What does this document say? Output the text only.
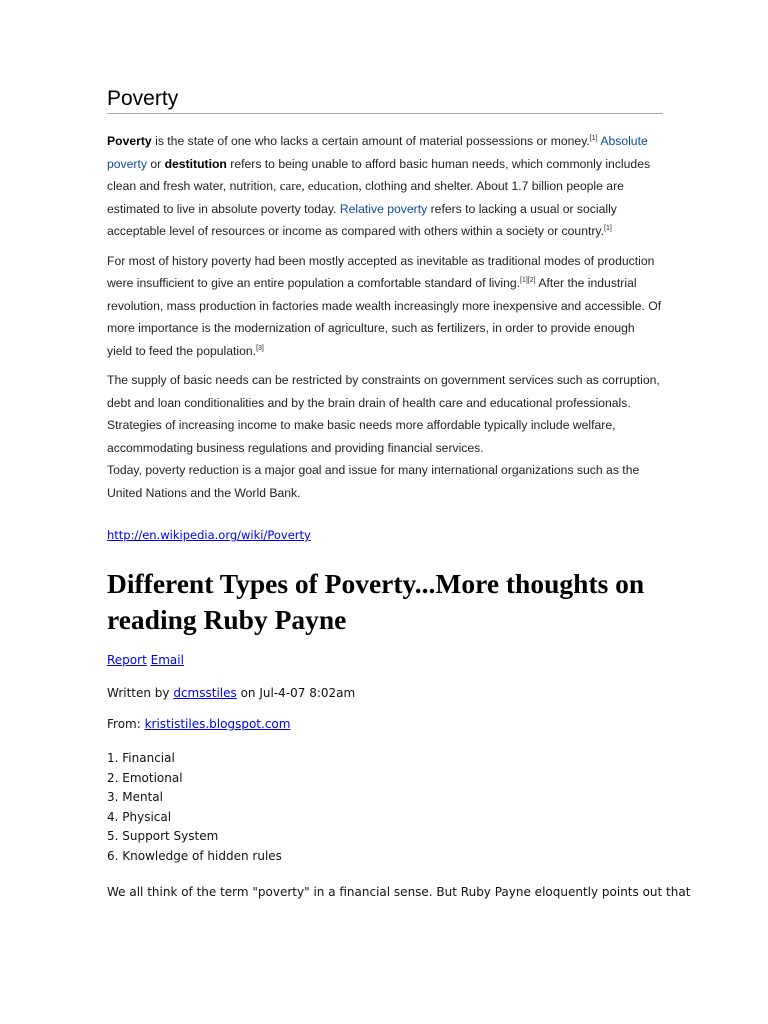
Poverty

Poverty is the state of one who lacks a certain amount of material possessions or money.[1] Absolute poverty or destitution refers to being unable to afford basic human needs, which commonly includes clean and fresh water, nutrition, care, education, clothing and shelter. About 1.7 billion people are estimated to live in absolute poverty today. Relative poverty refers to lacking a usual or socially acceptable level of resources or income as compared with others within a society or country.[1]

For most of history poverty had been mostly accepted as inevitable as traditional modes of production were insufficient to give an entire population a comfortable standard of living.[1][2] After the industrial revolution, mass production in factories made wealth increasingly more inexpensive and accessible. Of more importance is the modernization of agriculture, such as fertilizers, in order to provide enough yield to feed the population.[3]

The supply of basic needs can be restricted by constraints on government services such as corruption, debt and loan conditionalities and by the brain drain of health care and educational professionals. Strategies of increasing income to make basic needs more affordable typically include welfare, accommodating business regulations and providing financial services.

Today, poverty reduction is a major goal and issue for many international organizations such as the United Nations and the World Bank.

http://en.wikipedia.org/wiki/Poverty
Different Types of Poverty...More thoughts on reading Ruby Payne
Report Email
Written by dcmsstiles on Jul-4-07 8:02am
From: krististiles.blogspot.com
1. Financial
2. Emotional
3. Mental
4. Physical
5. Support System
6. Knowledge of hidden rules
We all think of the term "poverty" in a financial sense. But Ruby Payne eloquently points out that
